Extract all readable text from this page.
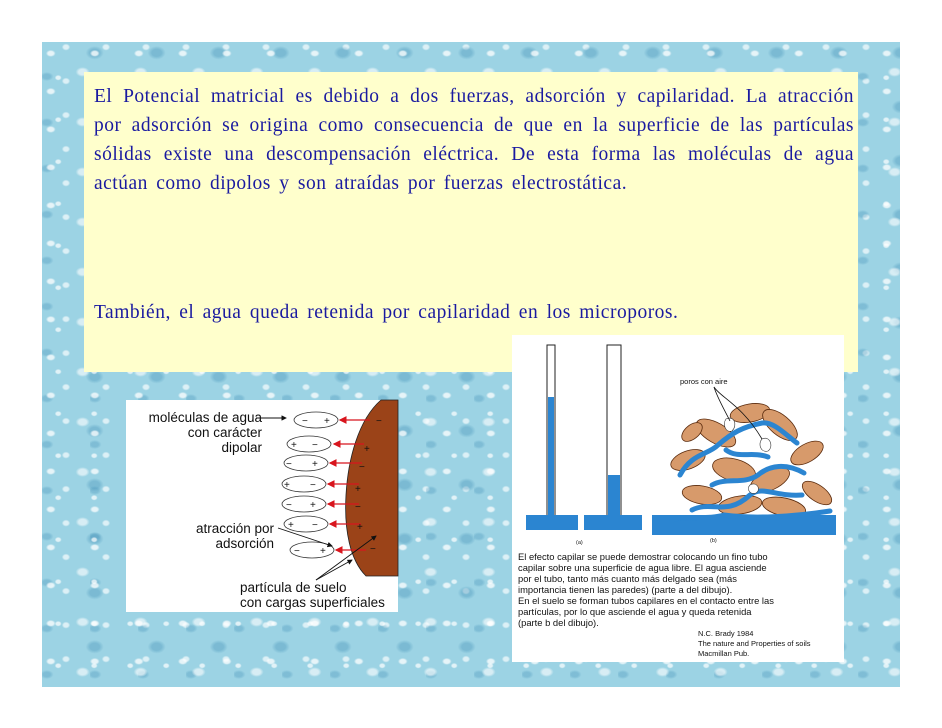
El Potencial matricial es debido a dos fuerzas, adsorción y capilaridad. La atracción por adsorción se origina como consecuencia de que en la superficie de las partículas sólidas existe una descompensación eléctrica. De esta forma las moléculas de agua actúan como dipolos y son atraídas por fuerzas electrostática.

También, el agua queda retenida por capilaridad en los microporos.

− +	−
+ −	+
− +	−
+ −	+
− +	−
+ −	+
− +	−
moléculas de agua
con carácter
dipolar
atracción por
adsorción
partícula de suelo
con cargas superficiales
poros con aire
(a)	(b)
El efecto capilar se puede demostrar colocando un fino tubo
capilar sobre una superficie de agua libre. El agua asciende
por el tubo, tanto más cuanto más delgado sea (más
importancia tienen las paredes) (parte a del dibujo).
En el suelo se forman tubos capilares en el contacto entre las
partículas, por lo que asciende el agua y queda retenida
(parte b del dibujo).
N.C. Brady 1984
The nature and Properties of soils
Macmillan Pub.
